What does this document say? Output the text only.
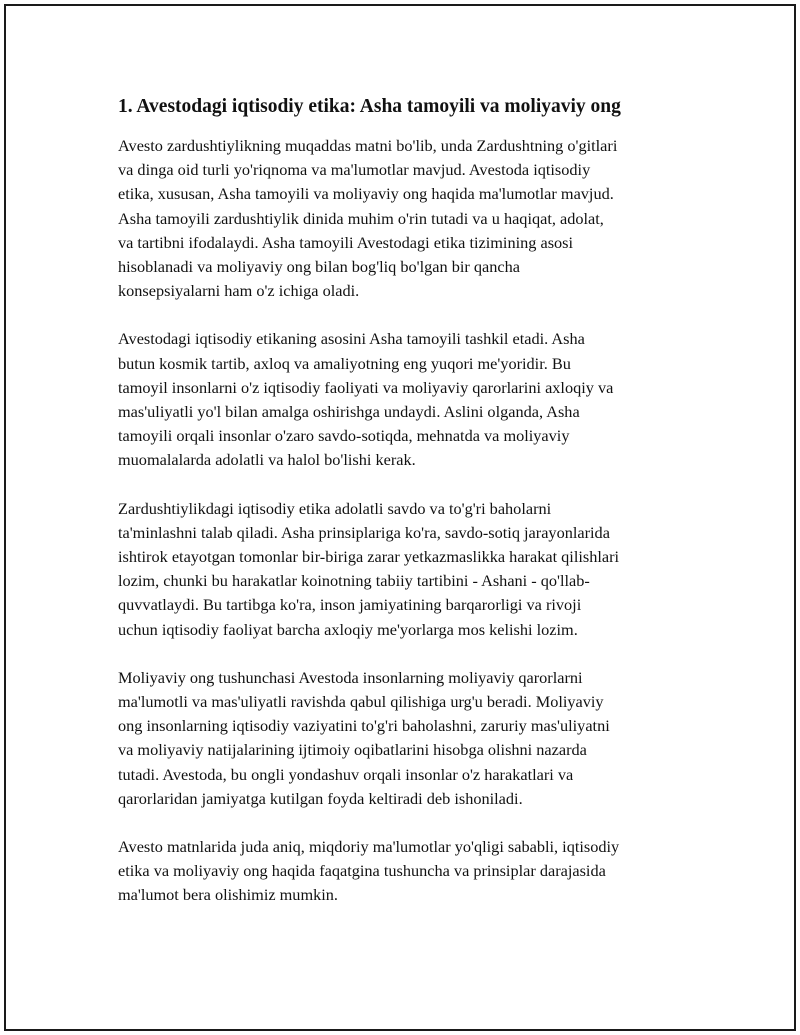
1. Avestodagi iqtisodiy etika: Asha tamoyili va moliyaviy ong

Avesto zardushtiylikning muqaddas matni bo'lib, unda Zardushtning o'gitlari
va dinga oid turli yo'riqnoma va ma'lumotlar mavjud. Avestoda iqtisodiy
etika, xususan, Asha tamoyili va moliyaviy ong haqida ma'lumotlar mavjud.
Asha tamoyili zardushtiylik dinida muhim o'rin tutadi va u haqiqat, adolat,
va tartibni ifodalaydi. Asha tamoyili Avestodagi etika tizimining asosi
hisoblanadi va moliyaviy ong bilan bog'liq bo'lgan bir qancha
konsepsiyalarni ham o'z ichiga oladi.

Avestodagi iqtisodiy etikaning asosini Asha tamoyili tashkil etadi. Asha
butun kosmik tartib, axloq va amaliyotning eng yuqori me'yoridir. Bu
tamoyil insonlarni o'z iqtisodiy faoliyati va moliyaviy qarorlarini axloqiy va
mas'uliyatli yo'l bilan amalga oshirishga undaydi. Aslini olganda, Asha
tamoyili orqali insonlar o'zaro savdo-sotiqda, mehnatda va moliyaviy
muomalalarda adolatli va halol bo'lishi kerak.

Zardushtiylikdagi iqtisodiy etika adolatli savdo va to'g'ri baholarni
ta'minlashni talab qiladi. Asha prinsiplariga ko'ra, savdo-sotiq jarayonlarida
ishtirok etayotgan tomonlar bir-biriga zarar yetkazmaslikka harakat qilishlari
lozim, chunki bu harakatlar koinotning tabiiy tartibini - Ashani - qo'llab-
quvvatlaydi. Bu tartibga ko'ra, inson jamiyatining barqarorligi va rivoji
uchun iqtisodiy faoliyat barcha axloqiy me'yorlarga mos kelishi lozim.

Moliyaviy ong tushunchasi Avestoda insonlarning moliyaviy qarorlarni
ma'lumotli va mas'uliyatli ravishda qabul qilishiga urg'u beradi. Moliyaviy
ong insonlarning iqtisodiy vaziyatini to'g'ri baholashni, zaruriy mas'uliyatni
va moliyaviy natijalarining ijtimoiy oqibatlarini hisobga olishni nazarda
tutadi. Avestoda, bu ongli yondashuv orqali insonlar o'z harakatlari va
qarorlaridan jamiyatga kutilgan foyda keltiradi deb ishoniladi.

Avesto matnlarida juda aniq, miqdoriy ma'lumotlar yo'qligi sababli, iqtisodiy
etika va moliyaviy ong haqida faqatgina tushuncha va prinsiplar darajasida
ma'lumot bera olishimiz mumkin.
